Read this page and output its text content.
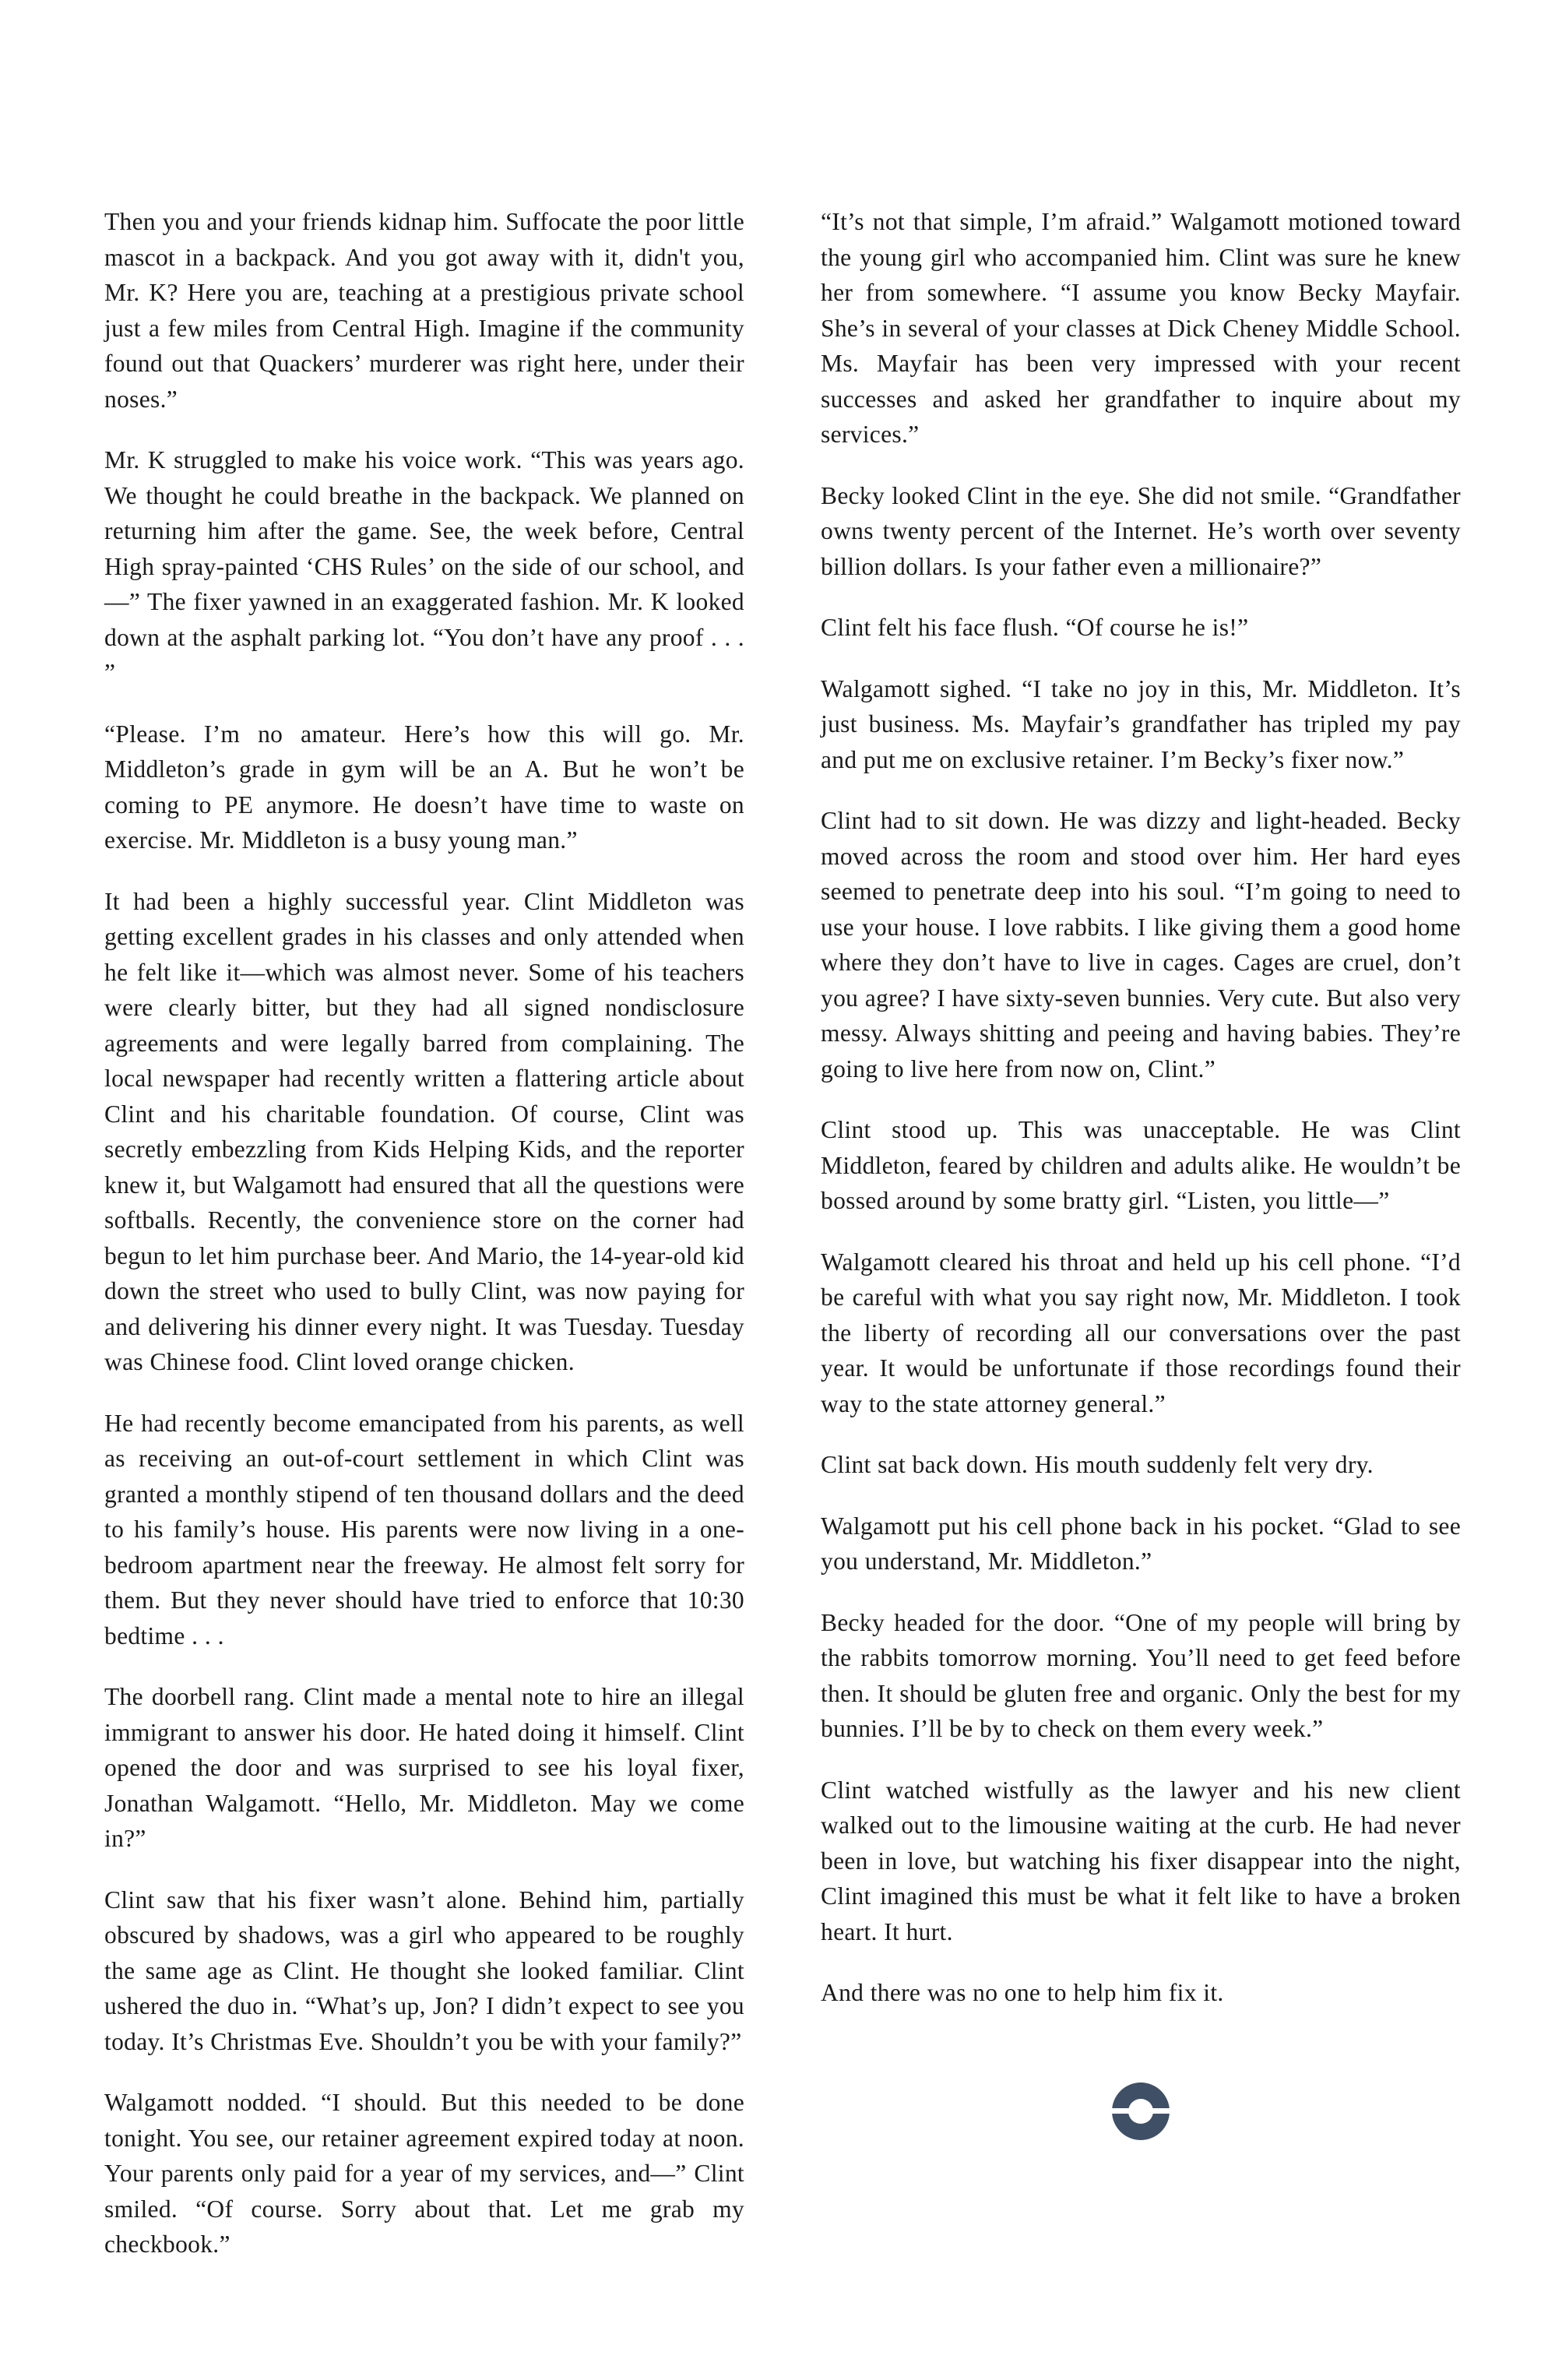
Then you and your friends kidnap him. Suffocate the poor little mascot in a backpack. And you got away with it, didn't you, Mr. K? Here you are, teaching at a prestigious private school just a few miles from Central High. Imagine if the community found out that Quackers’ murderer was right here, under their noses.”

Mr. K struggled to make his voice work. “This was years ago. We thought he could breathe in the backpack. We planned on returning him after the game. See, the week before, Central High spray-painted ‘CHS Rules’ on the side of our school, and—” The fixer yawned in an exaggerated fashion. Mr. K looked down at the asphalt parking lot. “You don’t have any proof . . . ”

“Please. I’m no amateur. Here’s how this will go. Mr. Middleton’s grade in gym will be an A. But he won’t be coming to PE anymore. He doesn’t have time to waste on exercise. Mr. Middleton is a busy young man.”

It had been a highly successful year. Clint Middleton was getting excellent grades in his classes and only attended when he felt like it—which was almost never. Some of his teachers were clearly bitter, but they had all signed nondisclosure agreements and were legally barred from complaining. The local newspaper had recently written a flattering article about Clint and his charitable foundation. Of course, Clint was secretly embezzling from Kids Helping Kids, and the reporter knew it, but Walgamott had ensured that all the questions were softballs. Recently, the convenience store on the corner had begun to let him purchase beer. And Mario, the 14-year-old kid down the street who used to bully Clint, was now paying for and delivering his dinner every night. It was Tuesday. Tuesday was Chinese food. Clint loved orange chicken.

He had recently become emancipated from his parents, as well as receiving an out-of-court settlement in which Clint was granted a monthly stipend of ten thousand dollars and the deed to his family’s house. His parents were now living in a one-bedroom apartment near the freeway. He almost felt sorry for them. But they never should have tried to enforce that 10:30 bedtime . . .

The doorbell rang. Clint made a mental note to hire an illegal immigrant to answer his door. He hated doing it himself. Clint opened the door and was surprised to see his loyal fixer, Jonathan Walgamott. “Hello, Mr. Middleton. May we come in?”

Clint saw that his fixer wasn’t alone. Behind him, partially obscured by shadows, was a girl who appeared to be roughly the same age as Clint. He thought she looked familiar. Clint ushered the duo in. “What’s up, Jon? I didn’t expect to see you today. It’s Christmas Eve. Shouldn’t you be with your family?”

Walgamott nodded. “I should. But this needed to be done tonight. You see, our retainer agreement expired today at noon. Your parents only paid for a year of my services, and—” Clint smiled. “Of course. Sorry about that. Let me grab my checkbook.”

“It’s not that simple, I’m afraid.” Walgamott motioned toward the young girl who accompanied him. Clint was sure he knew her from somewhere. “I assume you know Becky Mayfair. She’s in several of your classes at Dick Cheney Middle School. Ms. Mayfair has been very impressed with your recent successes and asked her grandfather to inquire about my services.”

Becky looked Clint in the eye. She did not smile. “Grandfather owns twenty percent of the Internet. He’s worth over seventy billion dollars. Is your father even a millionaire?”

Clint felt his face flush. “Of course he is!”

Walgamott sighed. “I take no joy in this, Mr. Middleton. It’s just business. Ms. Mayfair’s grandfather has tripled my pay and put me on exclusive retainer. I’m Becky’s fixer now.”

Clint had to sit down. He was dizzy and light-headed. Becky moved across the room and stood over him. Her hard eyes seemed to penetrate deep into his soul. “I’m going to need to use your house. I love rabbits. I like giving them a good home where they don’t have to live in cages. Cages are cruel, don’t you agree? I have sixty-seven bunnies. Very cute. But also very messy. Always shitting and peeing and having babies. They’re going to live here from now on, Clint.”

Clint stood up. This was unacceptable. He was Clint Middleton, feared by children and adults alike. He wouldn’t be bossed around by some bratty girl. “Listen, you little—”

Walgamott cleared his throat and held up his cell phone. “I’d be careful with what you say right now, Mr. Middleton. I took the liberty of recording all our conversations over the past year. It would be unfortunate if those recordings found their way to the state attorney general.”

Clint sat back down. His mouth suddenly felt very dry.

Walgamott put his cell phone back in his pocket. “Glad to see you understand, Mr. Middleton.”

Becky headed for the door. “One of my people will bring by the rabbits tomorrow morning. You’ll need to get feed before then. It should be gluten free and organic. Only the best for my bunnies. I’ll be by to check on them every week.”

Clint watched wistfully as the lawyer and his new client walked out to the limousine waiting at the curb. He had never been in love, but watching his fixer disappear into the night, Clint imagined this must be what it felt like to have a broken heart. It hurt.

And there was no one to help him fix it.
